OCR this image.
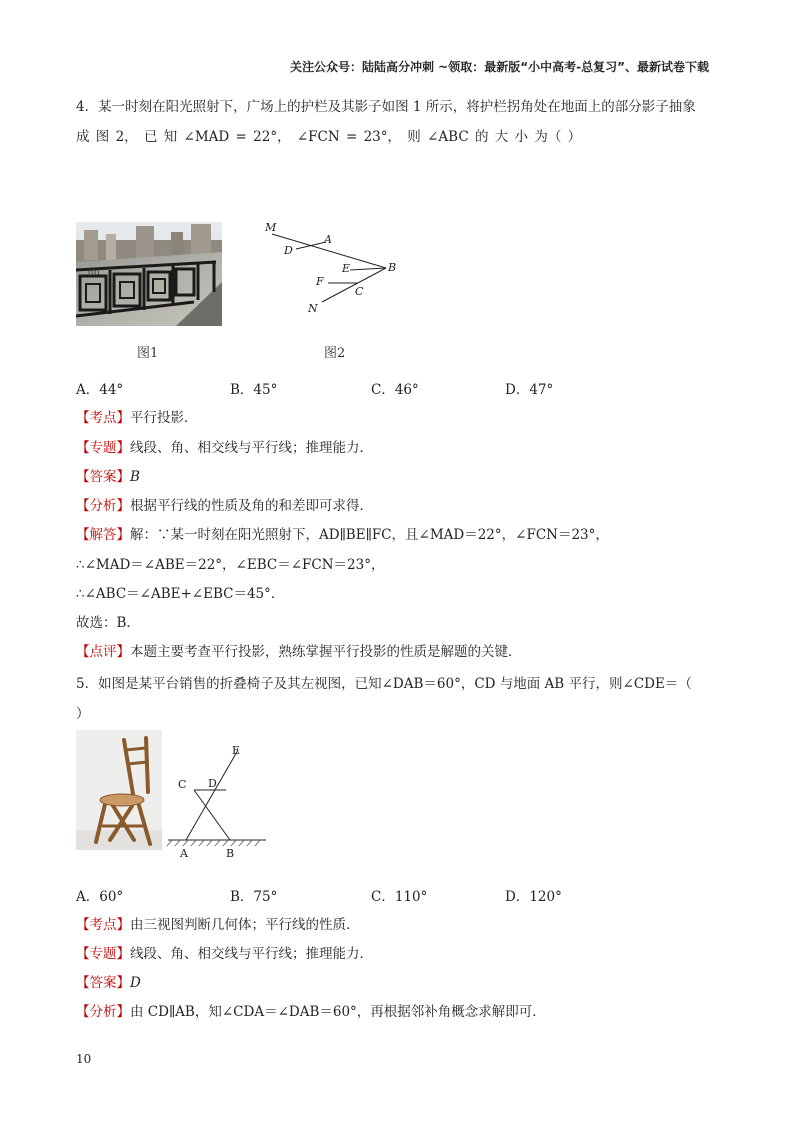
关注公众号：陆陆高分冲刺 ~领取：最新版“小中高考-总复习”、最新试卷下载
4．某一时刻在阳光照射下，广场上的护栏及其影子如图 1 所示，将护栏拐角处在地面上的部分影子抽象
成 图 2， 已 知 ∠MAD = 22°， ∠FCN = 23°， 则 ∠ABC 的 大 小 为（ ）
(0)
图1
M
D
A
E	B
F
C
N
图2
A．44°	B．45°	C．46°	D．47°
【考点】平行投影．
【专题】线段、角、相交线与平行线；推理能力．
【答案】B
【分析】根据平行线的性质及角的和差即可求得．
【解答】解：∵某一时刻在阳光照射下，AD∥BE∥FC，且∠MAD＝22°，∠FCN＝23°，
∴∠MAD＝∠ABE＝22°，∠EBC＝∠FCN＝23°，
∴∠ABC＝∠ABE+∠EBC＝45°．
故选：B．
【点评】本题主要考查平行投影，熟练掌握平行投影的性质是解题的关键．
5．如图是某平台销售的折叠椅子及其左视图，已知∠DAB＝60°，CD 与地面 AB 平行，则∠CDE＝（
）
C D
E
A	B
A．60°	B．75°	C．110°	D．120°
【考点】由三视图判断几何体；平行线的性质．
【专题】线段、角、相交线与平行线；推理能力．
【答案】D
【分析】由 CD∥AB，知∠CDA＝∠DAB＝60°，再根据邻补角概念求解即可．
10
